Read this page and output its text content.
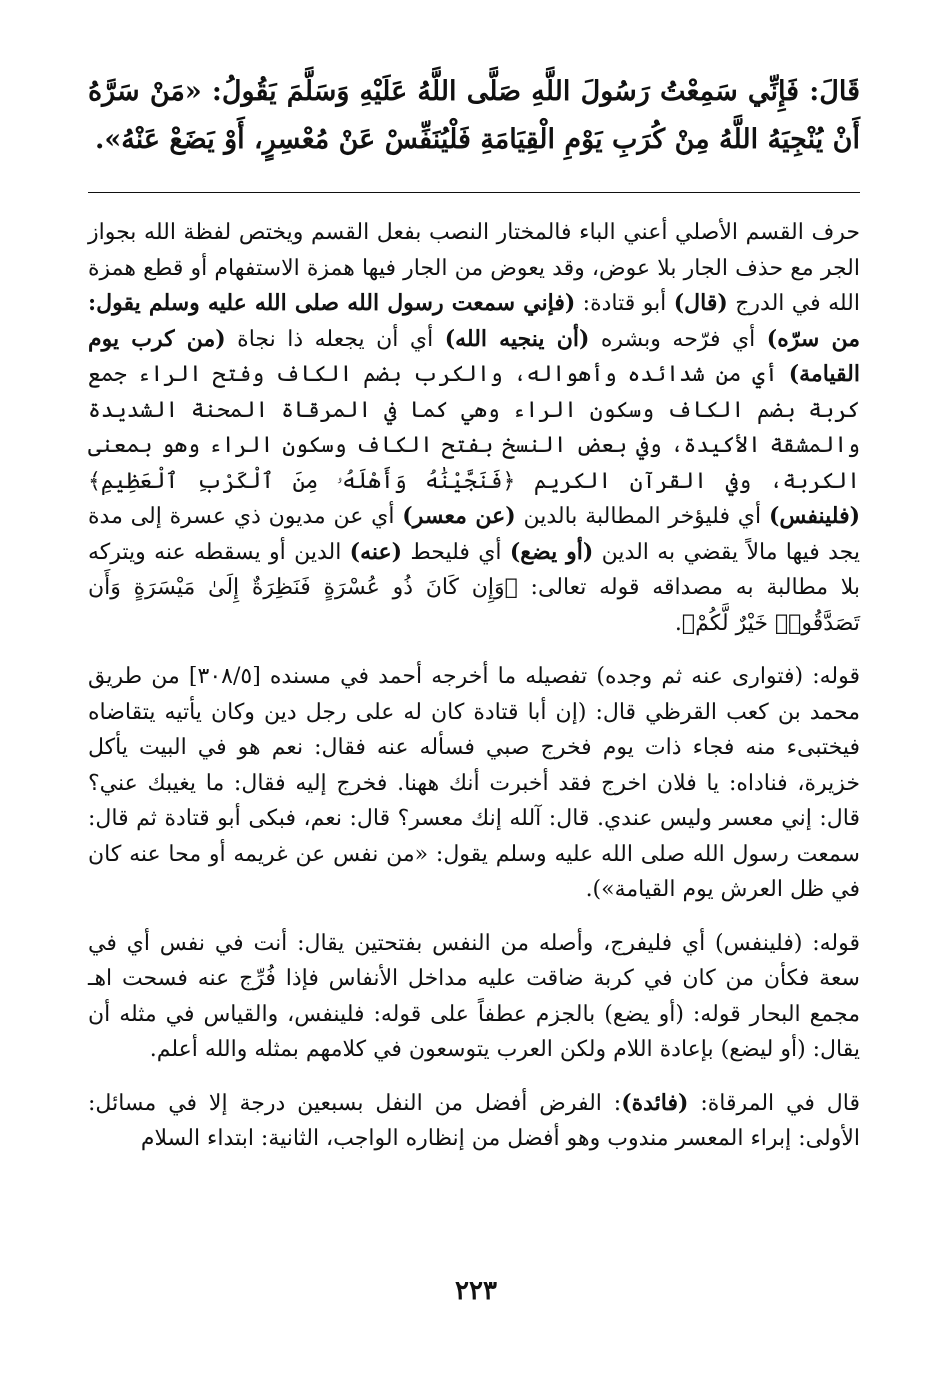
قَالَ: فَإِنِّي سَمِعْتُ رَسُولَ اللَّهِ صَلَّى اللَّهُ عَلَيْهِ وَسَلَّمَ يَقُولُ: «مَنْ سَرَّهُ أَنْ يُنْجِيَهُ اللَّهُ مِنْ كُرَبِ يَوْمِ الْقِيَامَةِ فَلْيُنَفِّسْ عَنْ مُعْسِرٍ، أَوْ يَضَعْ عَنْهُ».

حرف القسم الأصلي أعني الباء فالمختار النصب بفعل القسم ويختص لفظة الله بجواز الجر مع حذف الجار بلا عوض، وقد يعوض من الجار فيها همزة الاستفهام أو قطع همزة الله في الدرج (قال) أبو قتادة: (فإني سمعت رسول الله صلى الله عليه وسلم يقول: من سرّه) أي فرّحه وبشره (أن ينجيه الله) أي أن يجعله ذا نجاة (من كرب يوم القيامة) أي من شدائده وأهواله، والكرب بضم الكاف وفتح الراء جمع كربة بضم الكاف وسكون الراء وهي كما في المرقاة المحنة الشديدة والمشقة الأكيدة، وفي بعض النسخ بفتح الكاف وسكون الراء وهو بمعنى الكربة، وفي القرآن الكريم ﴿فَنَجَّيْنَٰهُ وَأَهْلَهُۥ مِنَ ٱلْكَرْبِ ٱلْعَظِيمِ﴾ (فلينفس) أي فليؤخر المطالبة بالدين (عن معسر) أي عن مديون ذي عسرة إلى مدة يجد فيها مالاً يقضي به الدين (أو يضع) أي فليحط (عنه) الدين أو يسقطه عنه ويتركه بلا مطالبة به مصداقه قوله تعالى: ﴿وَإِن كَانَ ذُو عُسْرَةٍ فَنَظِرَةٌ إِلَىٰ مَيْسَرَةٍ وَأَن تَصَدَّقُوا۟ خَيْرٌ لَّكُمْ﴾.

قوله: (فتوارى عنه ثم وجده) تفصيله ما أخرجه أحمد في مسنده [٣٠٨/٥] من طريق محمد بن كعب القرظي قال: (إن أبا قتادة كان له على رجل دين وكان يأتيه يتقاضاه فيختبىء منه فجاء ذات يوم فخرج صبي فسأله عنه فقال: نعم هو في البيت يأكل خزيرة، فناداه: يا فلان اخرج فقد أخبرت أنك ههنا. فخرج إليه فقال: ما يغيبك عني؟ قال: إني معسر وليس عندي. قال: آلله إنك معسر؟ قال: نعم، فبكى أبو قتادة ثم قال: سمعت رسول الله صلى الله عليه وسلم يقول: «من نفس عن غريمه أو محا عنه كان في ظل العرش يوم القيامة»).

قوله: (فلينفس) أي فليفرج، وأصله من النفس بفتحتين يقال: أنت في نفس أي في سعة فكأن من كان في كربة ضاقت عليه مداخل الأنفاس فإذا فُرِّج عنه فسحت اهـ مجمع البحار قوله: (أو يضع) بالجزم عطفاً على قوله: فلينفس، والقياس في مثله أن يقال: (أو ليضع) بإعادة اللام ولكن العرب يتوسعون في كلامهم بمثله والله أعلم.

قال في المرقاة: (فائدة): الفرض أفضل من النفل بسبعين درجة إلا في مسائل: الأولى: إبراء المعسر مندوب وهو أفضل من إنظاره الواجب، الثانية: ابتداء السلام

٢٢٣
